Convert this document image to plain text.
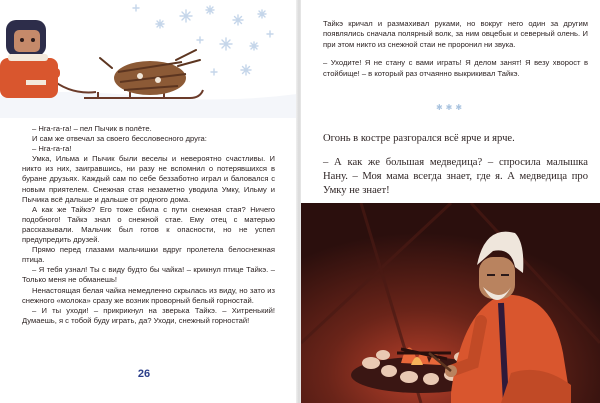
– Нга-га-га! – пел Пычик в полёте.

И сам же отвечал за своего бессловесного друга:

– Нга-га-га!

Умка, Ильма и Пычик были веселы и невероятно счастливы. И никто из них, заигравшись, ни разу не вспомнил о потерявшихся в буране друзьях. Каждый сам по себе беззаботно играл и баловался с новым приятелем. Снежная стая незаметно уводила Умку, Ильму и Пычика всё дальше и дальше от родного дома.

А как же Тайкэ? Его тоже сбила с пути снежная стая? Ничего подобного! Тайкэ знал о снежной стае. Ему отец с матерью рассказывали. Мальчик был готов к опасности, но не успел предупредить друзей.

Прямо перед глазами мальчишки вдруг пролетела белоснежная птица.

– Я тебя узнал! Ты с виду будто бы чайка! – крикнул птице Тайкэ. – Только меня не обманешь!

Ненастоящая белая чайка немедленно скрылась из виду, но зато из снежного «молока» сразу же возник проворный белый горностай.

– И ты уходи! – прикрикнул на зверька Тайкэ. – Хитренький! Думаешь, я с тобой буду играть, да? Уходи, снежный горностай!

26

Тайкэ кричал и размахивал руками, но вокруг него один за другим появлялись сначала полярный волк, за ним овцебык и северный олень. И при этом никто из снежной стаи не проронил ни звука.

– Уходите! Я не стану с вами играть! Я делом занят! Я везу хворост в стойбище! – в который раз отчаянно выкрикивал Тайкэ.

✱ ✱ ✱

Огонь в костре разгорался всё ярче и ярче.

– А как же большая медведица? – спросила малышка Нану. – Моя мама всегда знает, где я. А медведица про Умку не знает!
